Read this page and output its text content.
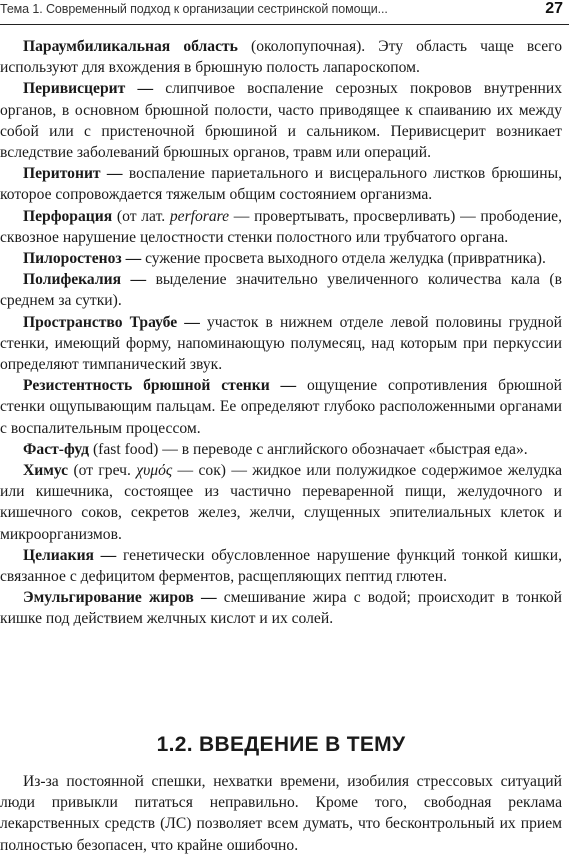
Тема 1. Современный подход к организации сестринской помощи...	27

Параумбиликальная область (околопупочная). Эту область чаще всего используют для вхождения в брюшную полость лапароскопом.

Перивисцерит — слипчивое воспаление серозных покровов внутренних органов, в основном брюшной полости, часто приводящее к спаиванию их между собой или с пристеночной брюшиной и сальником. Перивисцерит возникает вследствие заболеваний брюшных органов, травм или операций.

Перитонит — воспаление париетального и висцерального листков брюшины, которое сопровождается тяжелым общим состоянием организма.

Перфорация (от лат. perforare — провертывать, просверливать) — прободение, сквозное нарушение целостности стенки полостного или трубчатого органа.

Пилоростеноз — сужение просвета выходного отдела желудка (привратника).

Полифекалия — выделение значительно увеличенного количества кала (в среднем за сутки).

Пространство Траубе — участок в нижнем отделе левой половины грудной стенки, имеющий форму, напоминающую полумесяц, над которым при перкуссии определяют тимпанический звук.

Резистентность брюшной стенки — ощущение сопротивления брюшной стенки ощупывающим пальцам. Ее определяют глубоко расположенными органами с воспалительным процессом.

Фаст-фуд (fast food) — в переводе с английского обозначает «быстрая еда».

Химус (от греч. χυμός — сок) — жидкое или полужидкое содержимое желудка или кишечника, состоящее из частично переваренной пищи, желудочного и кишечного соков, секретов желез, желчи, слущенных эпителиальных клеток и микроорганизмов.

Целиакия — генетически обусловленное нарушение функций тонкой кишки, связанное с дефицитом ферментов, расщепляющих пептид глютен.

Эмульгирование жиров — смешивание жира с водой; происходит в тонкой кишке под действием желчных кислот и их солей.

1.2. ВВЕДЕНИЕ В ТЕМУ

Из-за постоянной спешки, нехватки времени, изобилия стрессовых ситуаций люди привыкли питаться неправильно. Кроме того, свободная реклама лекарственных средств (ЛС) позволяет всем думать, что бесконтрольный их прием полностью безопасен, что крайне ошибочно.
